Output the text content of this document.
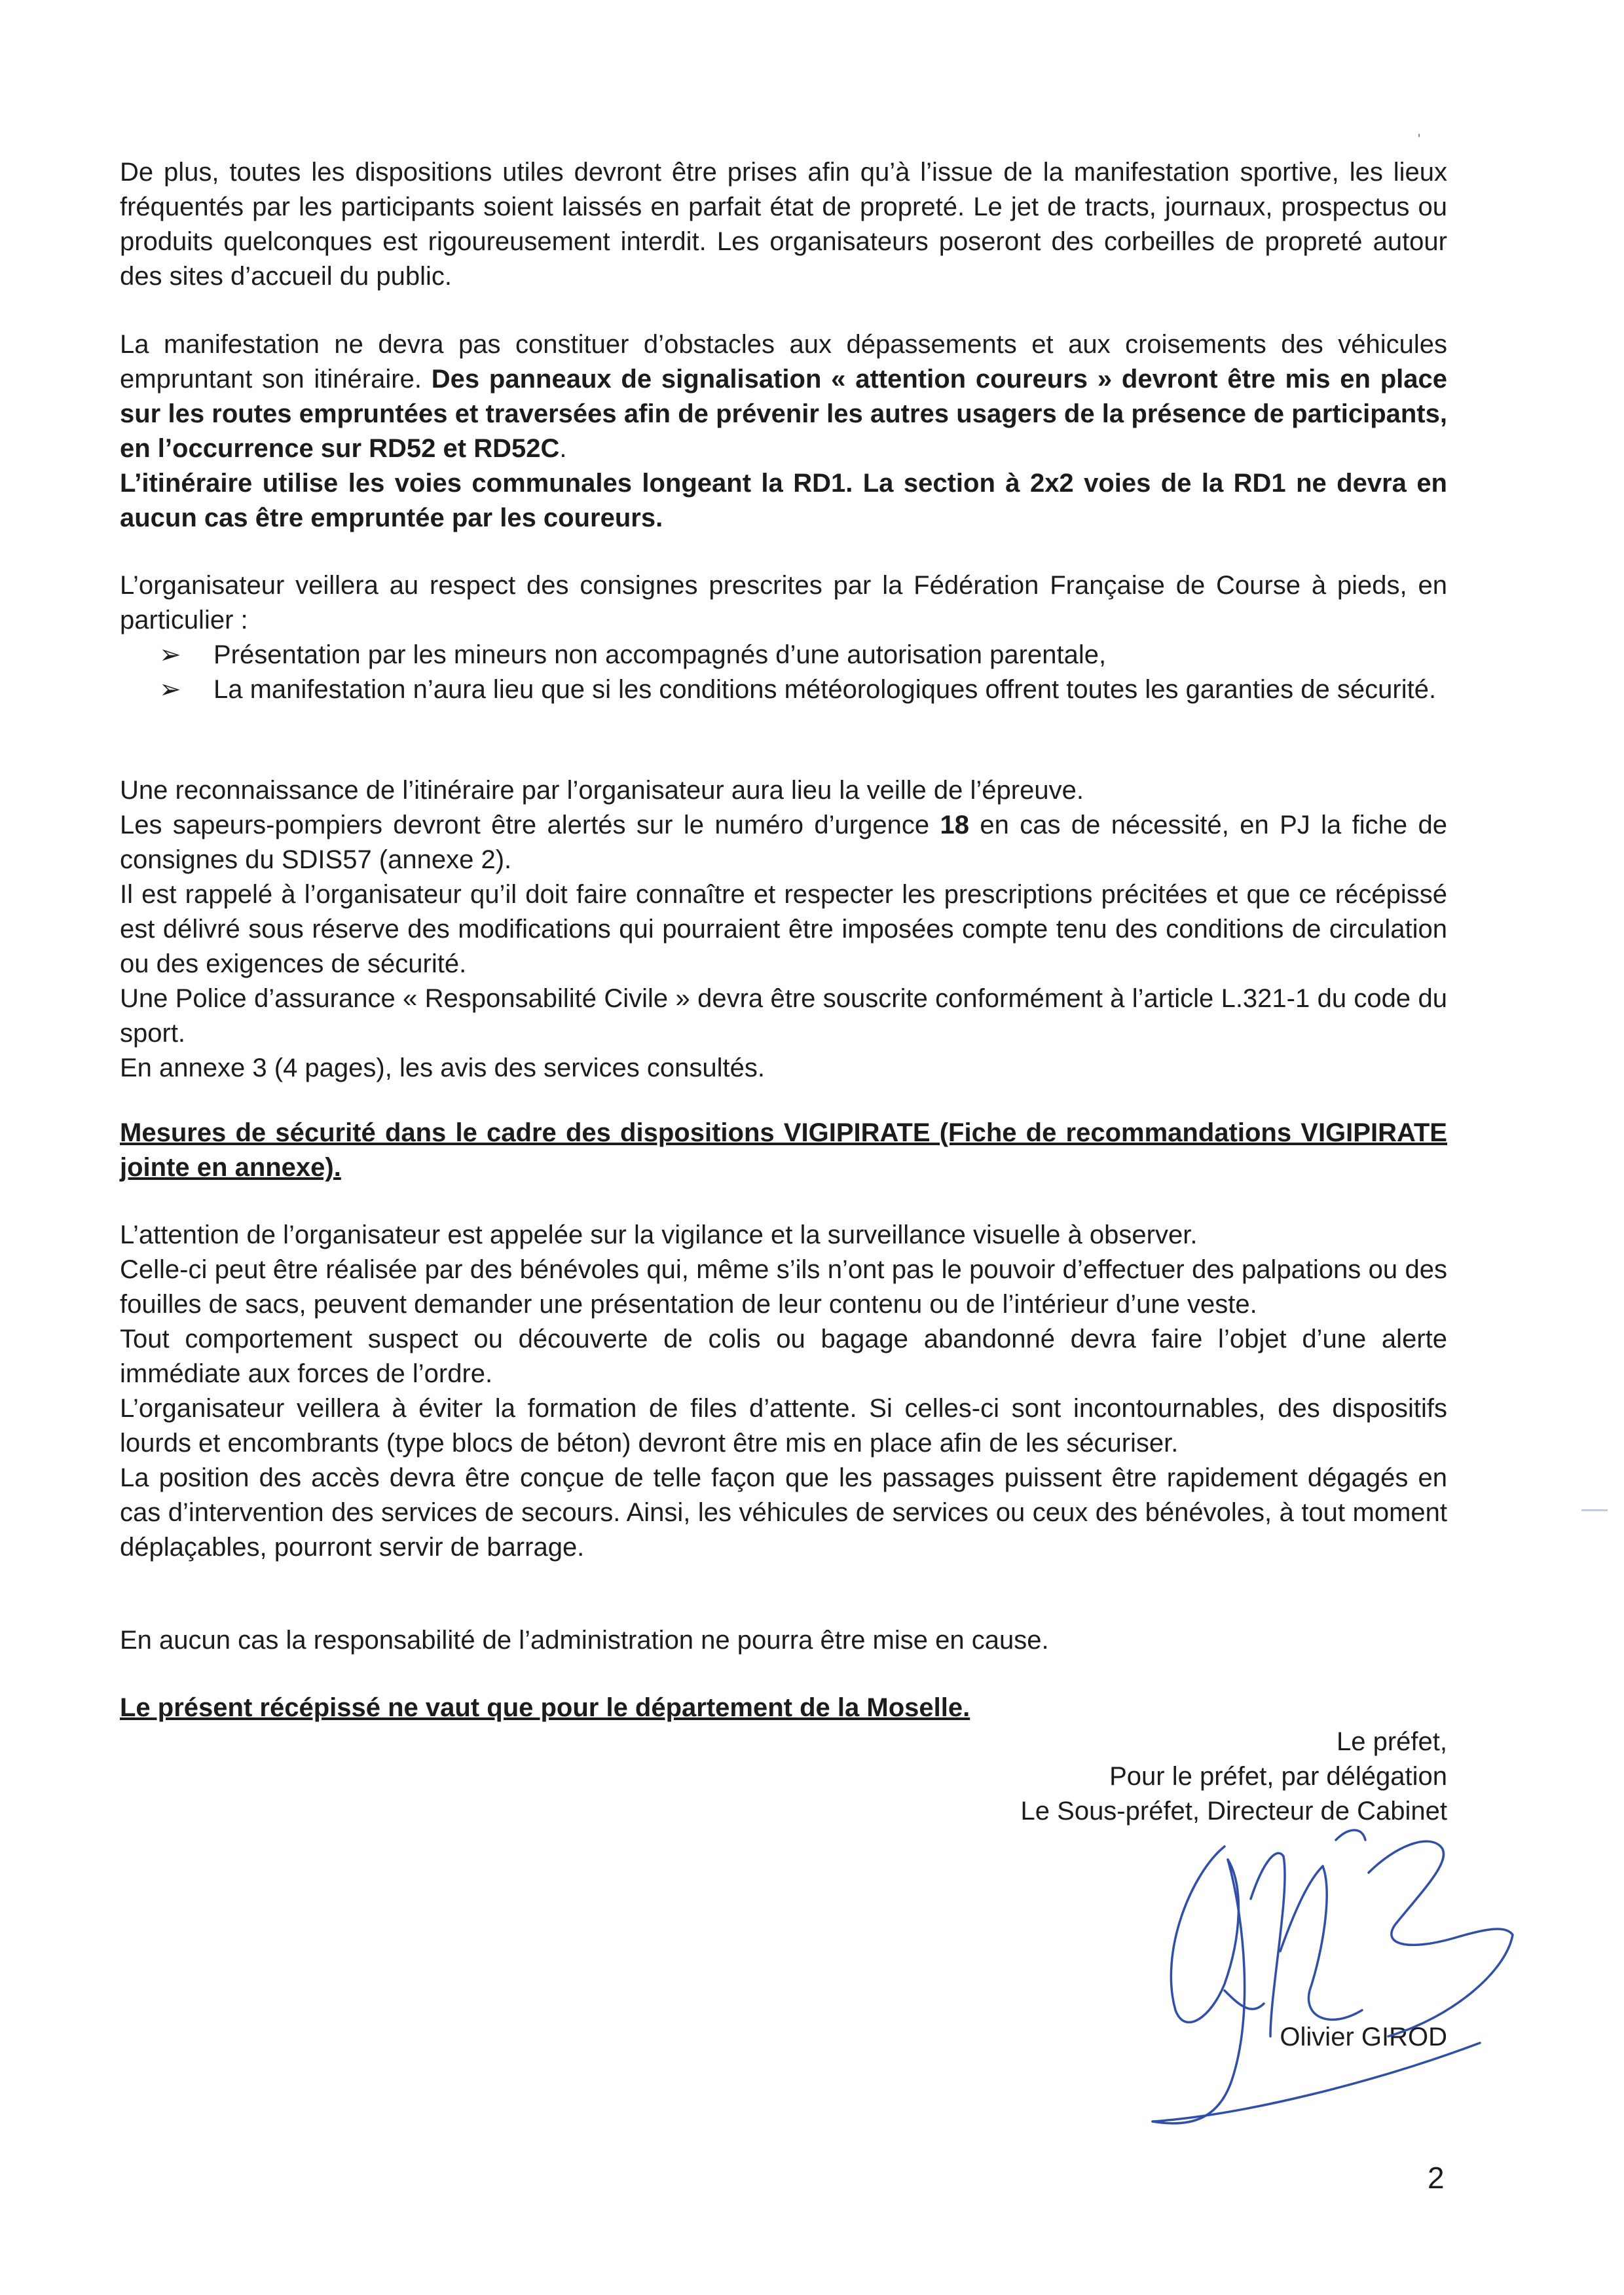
'

De plus, toutes les dispositions utiles devront être prises afin qu’à l’issue de la manifestation sportive, les lieux fréquentés par les participants soient laissés en parfait état de propreté. Le jet de tracts, journaux, prospectus ou produits quelconques est rigoureusement interdit. Les organisateurs poseront des corbeilles de propreté autour des sites d’accueil du public.

La manifestation ne devra pas constituer d’obstacles aux dépassements et aux croisements des véhicules empruntant son itinéraire. Des panneaux de signalisation « attention coureurs » devront être mis en place sur les routes empruntées et traversées afin de prévenir les autres usagers de la présence de participants, en l’occurrence sur RD52 et RD52C.
L’itinéraire utilise les voies communales longeant la RD1. La section à 2x2 voies de la RD1 ne devra en aucun cas être empruntée par les coureurs.

L’organisateur veillera au respect des consignes prescrites par la Fédération Française de Course à pieds, en particulier :
➢ Présentation par les mineurs non accompagnés d’une autorisation parentale,
➢ La manifestation n’aura lieu que si les conditions météorologiques offrent toutes les garanties de sécurité.
Une reconnaissance de l’itinéraire par l’organisateur aura lieu la veille de l’épreuve.
Les sapeurs-pompiers devront être alertés sur le numéro d’urgence 18 en cas de nécessité, en PJ la fiche de consignes du SDIS57 (annexe 2).
Il est rappelé à l’organisateur qu’il doit faire connaître et respecter les prescriptions précitées et que ce récépissé est délivré sous réserve des modifications qui pourraient être imposées compte tenu des conditions de circulation ou des exigences de sécurité.
Une Police d’assurance « Responsabilité Civile » devra être souscrite conformément à l’article L.321-1 du code du sport.
En annexe 3 (4 pages), les avis des services consultés.

Mesures de sécurité dans le cadre des dispositions VIGIPIRATE (Fiche de recommandations VIGIPIRATE jointe en annexe).

L’attention de l’organisateur est appelée sur la vigilance et la surveillance visuelle à observer.
Celle-ci peut être réalisée par des bénévoles qui, même s’ils n’ont pas le pouvoir d’effectuer des palpations ou des fouilles de sacs, peuvent demander une présentation de leur contenu ou de l’intérieur d’une veste.
Tout comportement suspect ou découverte de colis ou bagage abandonné devra faire l’objet d’une alerte immédiate aux forces de l’ordre.
L’organisateur veillera à éviter la formation de files d’attente. Si celles-ci sont incontournables, des dispositifs lourds et encombrants (type blocs de béton) devront être mis en place afin de les sécuriser.
La position des accès devra être conçue de telle façon que les passages puissent être rapidement dégagés en cas d’intervention des services de secours. Ainsi, les véhicules de services ou ceux des bénévoles, à tout moment déplaçables, pourront servir de barrage.

En aucun cas la responsabilité de l’administration ne pourra être mise en cause.

Le présent récépissé ne vaut que pour le département de la Moselle.

Le préfet,
Pour le préfet, par délégation
Le Sous-préfet, Directeur de Cabinet
Olivier GIROD
2
